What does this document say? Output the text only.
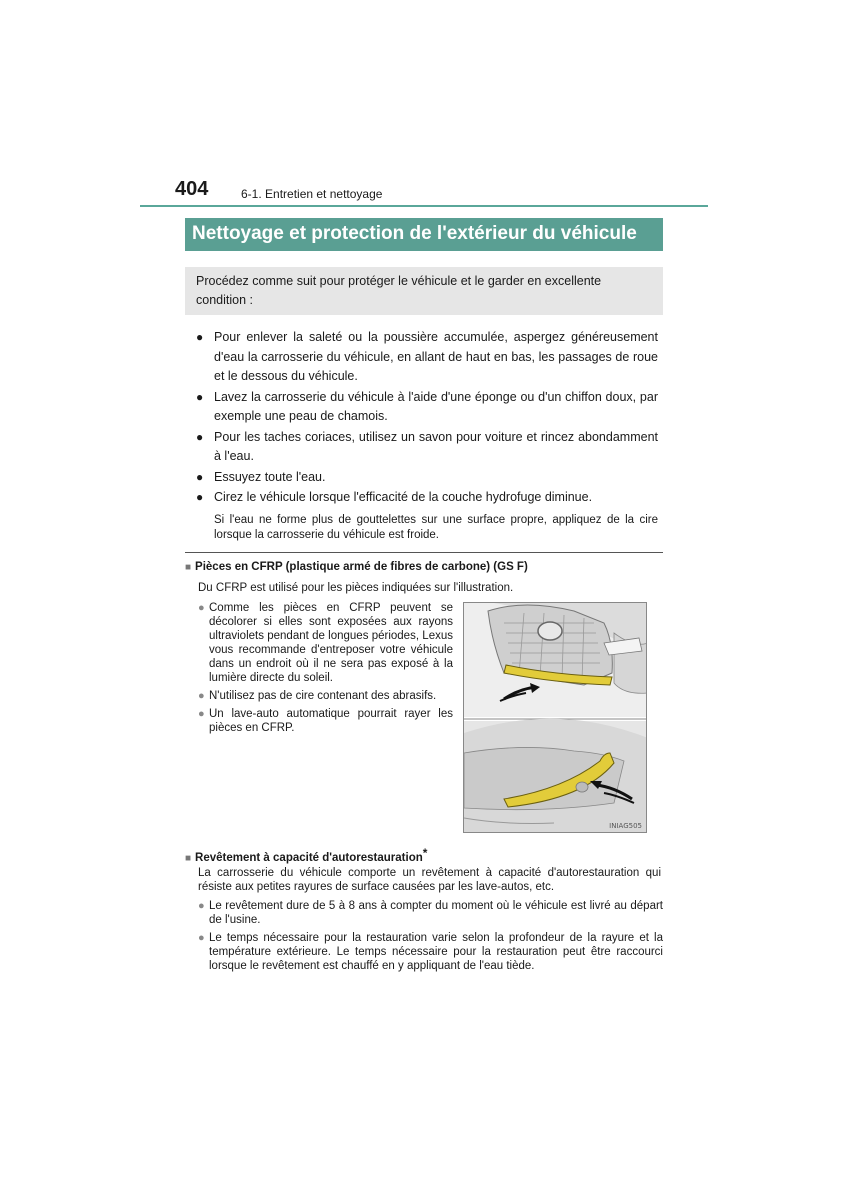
404	6-1. Entretien et nettoyage
Nettoyage et protection de l'extérieur du véhicule
Procédez comme suit pour protéger le véhicule et le garder en excellente condition :
● Pour enlever la saleté ou la poussière accumulée, aspergez généreusement d'eau la carrosserie du véhicule, en allant de haut en bas, les passages de roue et le dessous du véhicule.
● Lavez la carrosserie du véhicule à l'aide d'une éponge ou d'un chiffon doux, par exemple une peau de chamois.
● Pour les taches coriaces, utilisez un savon pour voiture et rincez abondamment à l'eau.
● Essuyez toute l'eau.
● Cirez le véhicule lorsque l'efficacité de la couche hydrofuge diminue.
Si l'eau ne forme plus de gouttelettes sur une surface propre, appliquez de la cire lorsque la carrosserie du véhicule est froide.
■ Pièces en CFRP (plastique armé de fibres de carbone) (GS F)
Du CFRP est utilisé pour les pièces indiquées sur l'illustration.
● Comme les pièces en CFRP peuvent se décolorer si elles sont exposées aux rayons ultraviolets pendant de longues périodes, Lexus vous recommande d'entreposer votre véhicule dans un endroit où il ne sera pas exposé à la lumière directe du soleil.
● N'utilisez pas de cire contenant des abrasifs.
● Un lave-auto automatique pourrait rayer les pièces en CFRP.
INIAG505
■ Revêtement à capacité d'autorestauration*
La carrosserie du véhicule comporte un revêtement à capacité d'autorestauration qui résiste aux petites rayures de surface causées par les lave-autos, etc.
● Le revêtement dure de 5 à 8 ans à compter du moment où le véhicule est livré au départ de l'usine.
● Le temps nécessaire pour la restauration varie selon la profondeur de la rayure et la température extérieure. Le temps nécessaire pour la restauration peut être raccourci lorsque le revêtement est chauffé en y appliquant de l'eau tiède.
